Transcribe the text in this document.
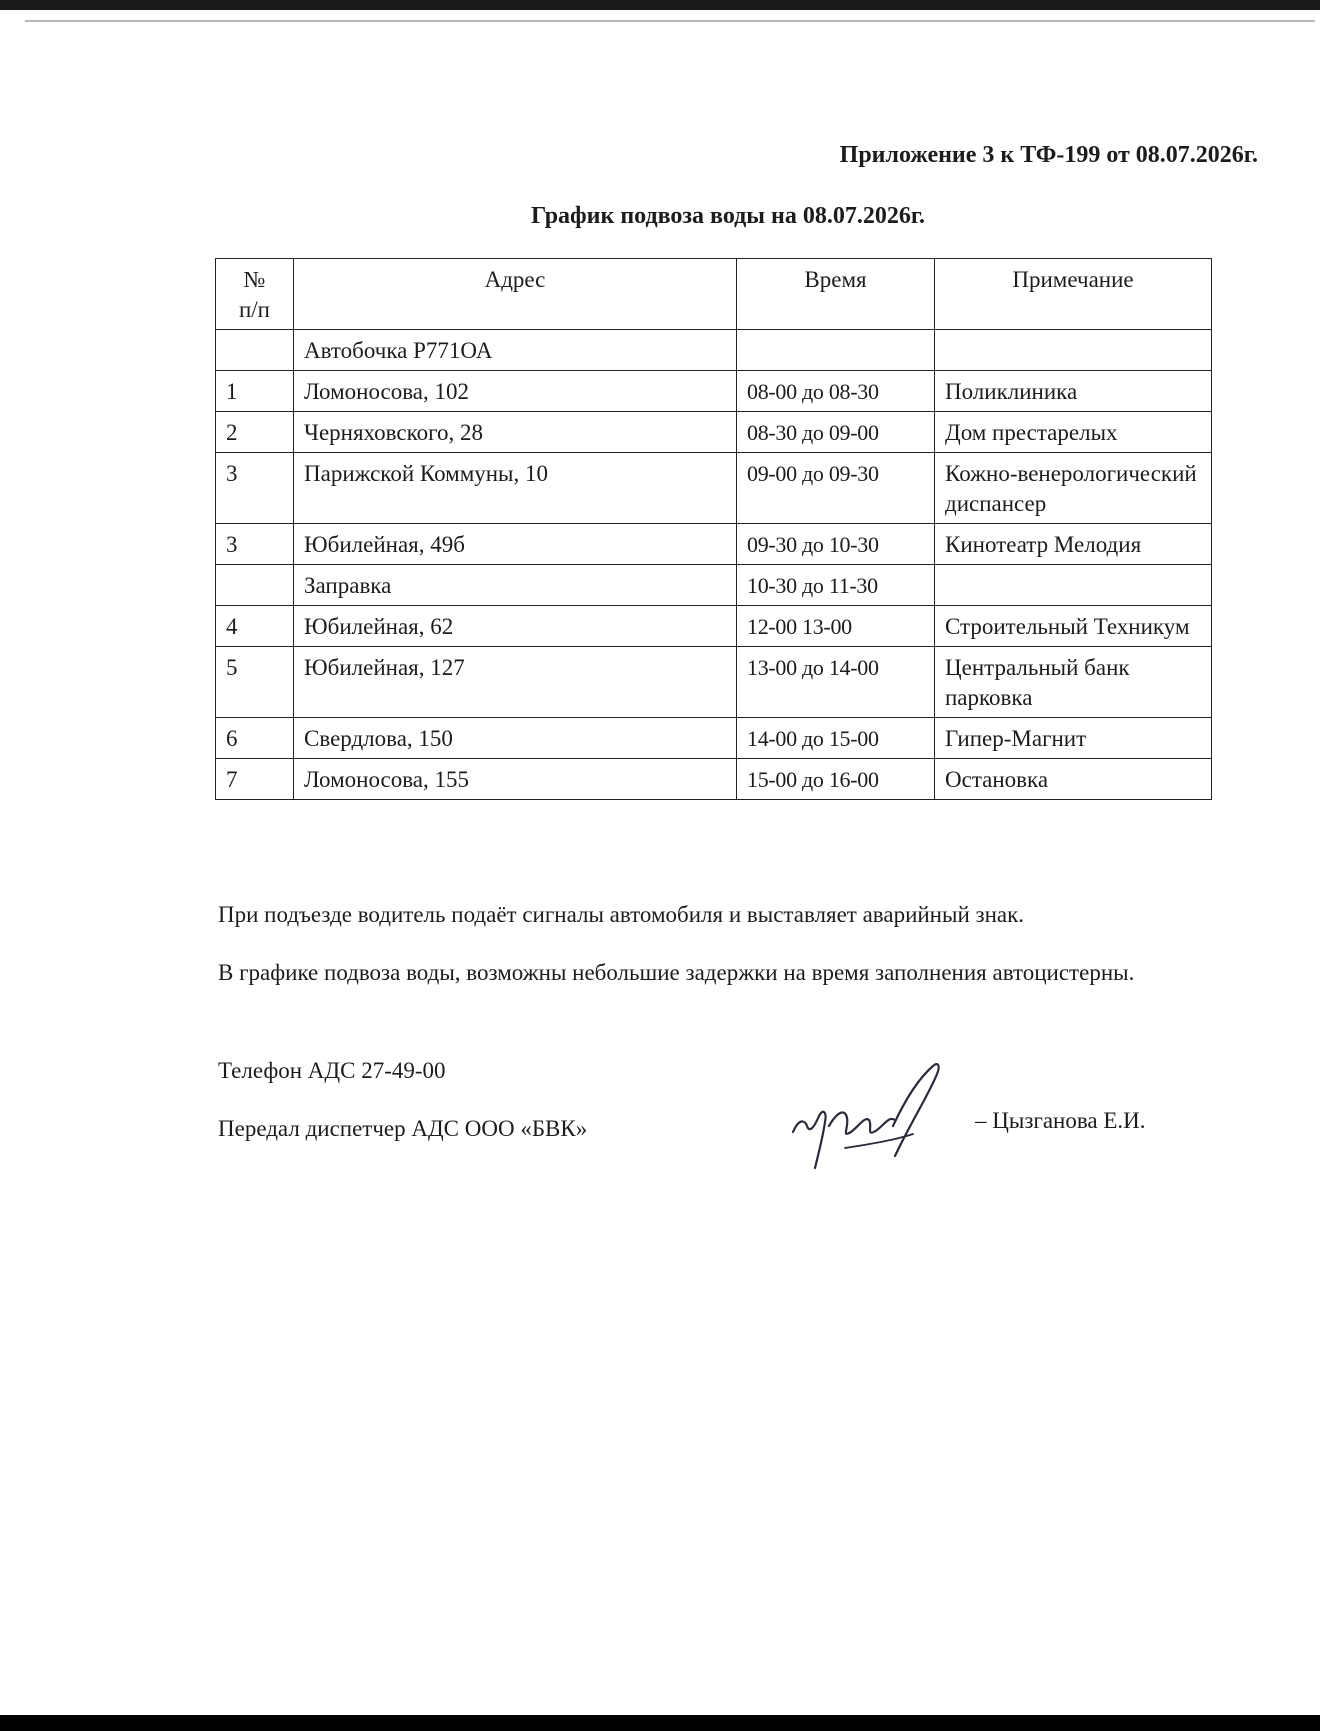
Приложение 3 к ТФ-199 от 08.07.2026г.
График подвоза воды на 08.07.2026г.
№
п/п	Адрес	Время	Примечание
	Автобочка Р771ОА		
1	Ломоносова, 102	08-00 до 08-30	Поликлиника
2	Черняховского, 28	08-30 до 09-00	Дом престарелых
3	Парижской Коммуны, 10	09-00 до 09-30	Кожно-венерологический диспансер
3	Юбилейная, 49б	09-30 до 10-30	Кинотеатр Мелодия
	Заправка	10-30 до 11-30	
4	Юбилейная, 62	12-00 13-00	Строительный Техникум
5	Юбилейная, 127	13-00 до 14-00	Центральный банк парковка
6	Свердлова, 150	14-00 до 15-00	Гипер-Магнит
7	Ломоносова, 155	15-00 до 16-00	Остановка

При подъезде водитель подаёт сигналы автомобиля и выставляет аварийный знак.

В графике подвоза воды, возможны небольшие задержки на время заполнения автоцистерны.

Телефон АДС 27-49-00
Передал диспетчер АДС ООО «БВК»	– Цызганова Е.И.
